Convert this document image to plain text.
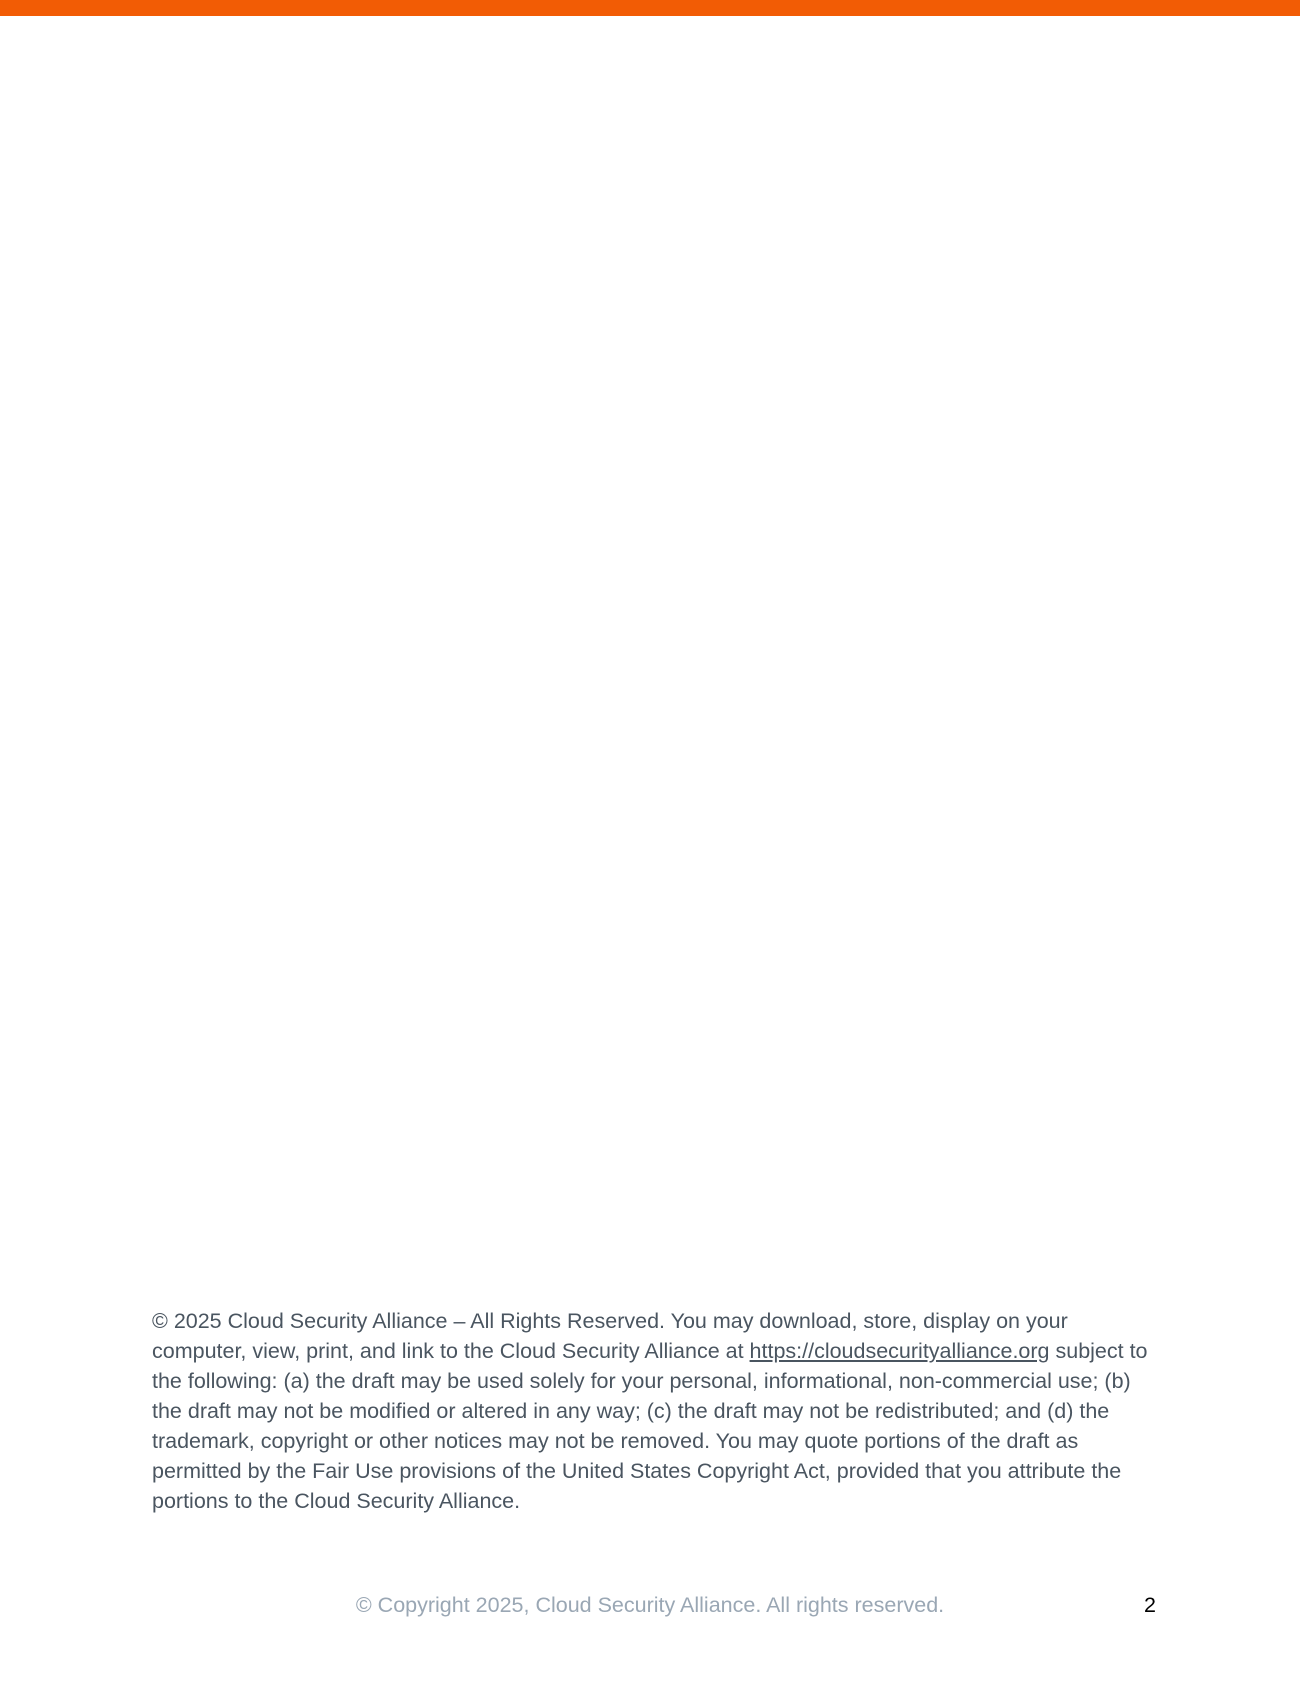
© 2025 Cloud Security Alliance – All Rights Reserved. You may download, store, display on your computer, view, print, and link to the Cloud Security Alliance at https://cloudsecurityalliance.org subject to the following: (a) the draft may be used solely for your personal, informational, non-commercial use; (b) the draft may not be modified or altered in any way; (c) the draft may not be redistributed; and (d) the trademark, copyright or other notices may not be removed. You may quote portions of the draft as permitted by the Fair Use provisions of the United States Copyright Act, provided that you attribute the portions to the Cloud Security Alliance.

© Copyright 2025, Cloud Security Alliance. All rights reserved.	2
